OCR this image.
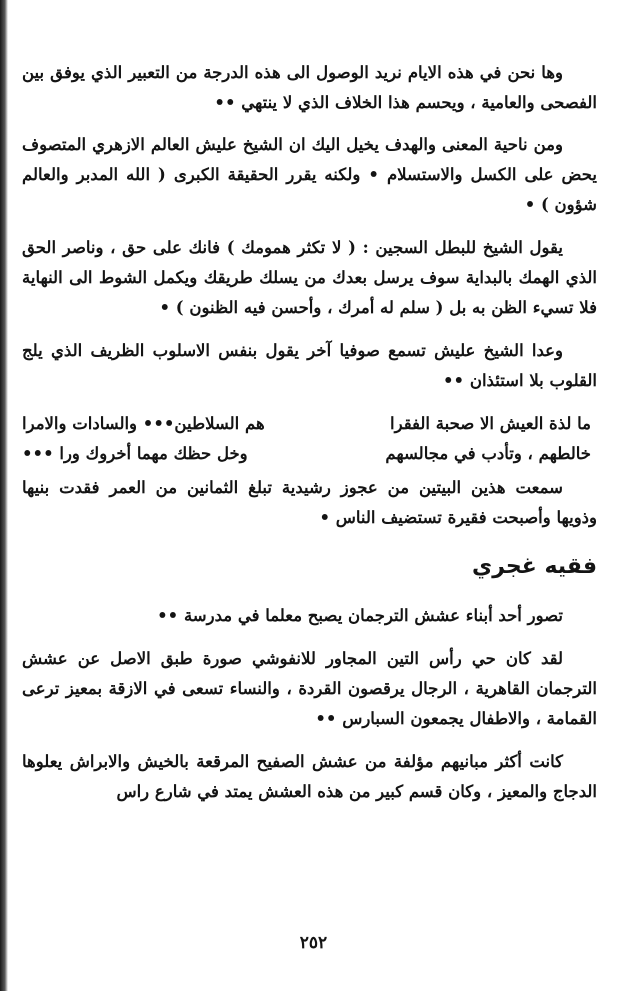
وها نحن في هذه الايام نريد الوصول الى هذه الدرجة من التعبير الذي يوفق بين الفصحى والعامية ، ويحسم هذا الخلاف الذي لا ينتهي ••

ومن ناحية المعنى والهدف يخيل اليك ان الشيخ عليش العالم الازهري المتصوف يحض على الكسل والاستسلام • ولكنه يقرر الحقيقة الكبرى ( الله المدبر والعالم شؤون ) •

يقول الشيخ للبطل السجين : ( لا تكثر همومك ) فانك على حق ، وناصر الحق الذي الهمك بالبداية سوف يرسل بعدك من يسلك طريقك ويكمل الشوط الى النهاية فلا تسيء الظن به بل ( سلم له أمرك ، وأحسن فيه الظنون ) •

وعدا الشيخ عليش تسمع صوفيا آخر يقول بنفس الاسلوب الظريف الذي يلج القلوب بلا استئذان ••

ما لذة العيش الا صحبة الفقرا
هم السلاطين••• والسادات والامرا
خالطهم ، وتأدب في مجالسهم
وخل حظك مهما أخروك ورا •••

سمعت هذين البيتين من عجوز رشيدية تبلغ الثمانين من العمر فقدت بنيها وذويها وأصبحت فقيرة تستضيف الناس •

فقيه غجري

تصور أحد أبناء عشش الترجمان يصبح معلما في مدرسة ••

لقد كان حي رأس التين المجاور للانفوشي صورة طبق الاصل عن عشش الترجمان القاهرية ، الرجال يرقصون القردة ، والنساء تسعى في الازقة بمعيز ترعى القمامة ، والاطفال يجمعون السبارس ••

كانت أكثر مبانيهم مؤلفة من عشش الصفيح المرقعة بالخيش والابراش يعلوها الدجاج والمعيز ، وكان قسم كبير من هذه العشش يمتد في شارع راس

٢٥٢
